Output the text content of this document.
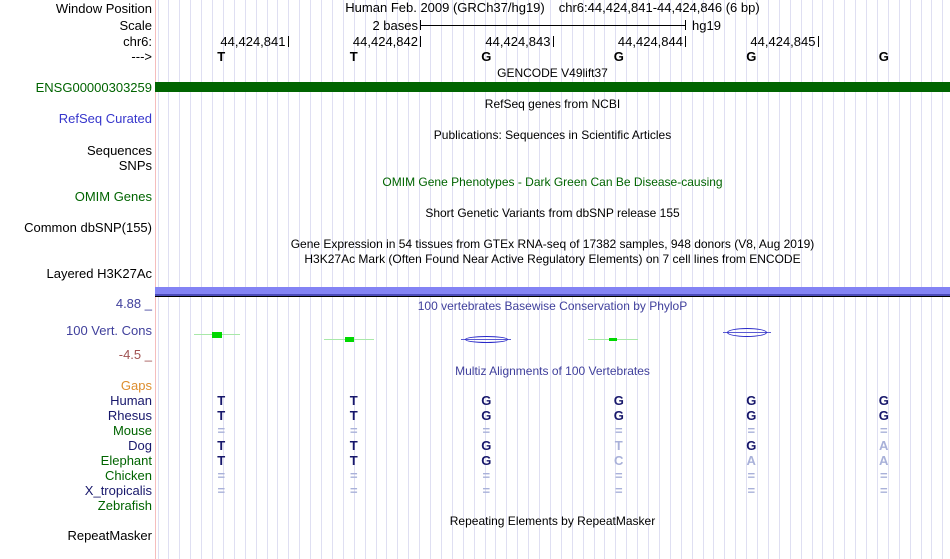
Human Feb. 2009 (GRCh37/hg19) chr6:44,424,841-44,424,846 (6 bp)
Window Position
Scale
chr6:
--->
2 bases	hg19
44,424,841	44,424,842	44,424,843	44,424,844	44,424,845
T	T	G	G	G	G
GENCODE V49lift37
ENSG00000303259
RefSeq genes from NCBI
RefSeq Curated
Publications: Sequences in Scientific Articles
Sequences
SNPs
OMIM Gene Phenotypes - Dark Green Can Be Disease-causing
OMIM Genes
Short Genetic Variants from dbSNP release 155
Common dbSNP(155)
Gene Expression in 54 tissues from GTEx RNA-seq of 17382 samples, 948 donors (V8, Aug 2019)
H3K27Ac Mark (Often Found Near Active Regulatory Elements) on 7 cell lines from ENCODE
Layered H3K27Ac
4.88 _	100 vertebrates Basewise Conservation by PhyloP
100 Vert. Cons
-4.5 _
Multiz Alignments of 100 Vertebrates
Gaps
Human	T	T	G	G	G	G
Rhesus	T	T	G	G	G	G
Mouse	=	=	=	=	=	=
Dog	T	T	G	T	G	A
Elephant	T	T	G	C	A	A
Chicken	=	=	=	=	=	=
X_tropicalis	=	=	=	=	=	=
Zebrafish
Repeating Elements by RepeatMasker
RepeatMasker
